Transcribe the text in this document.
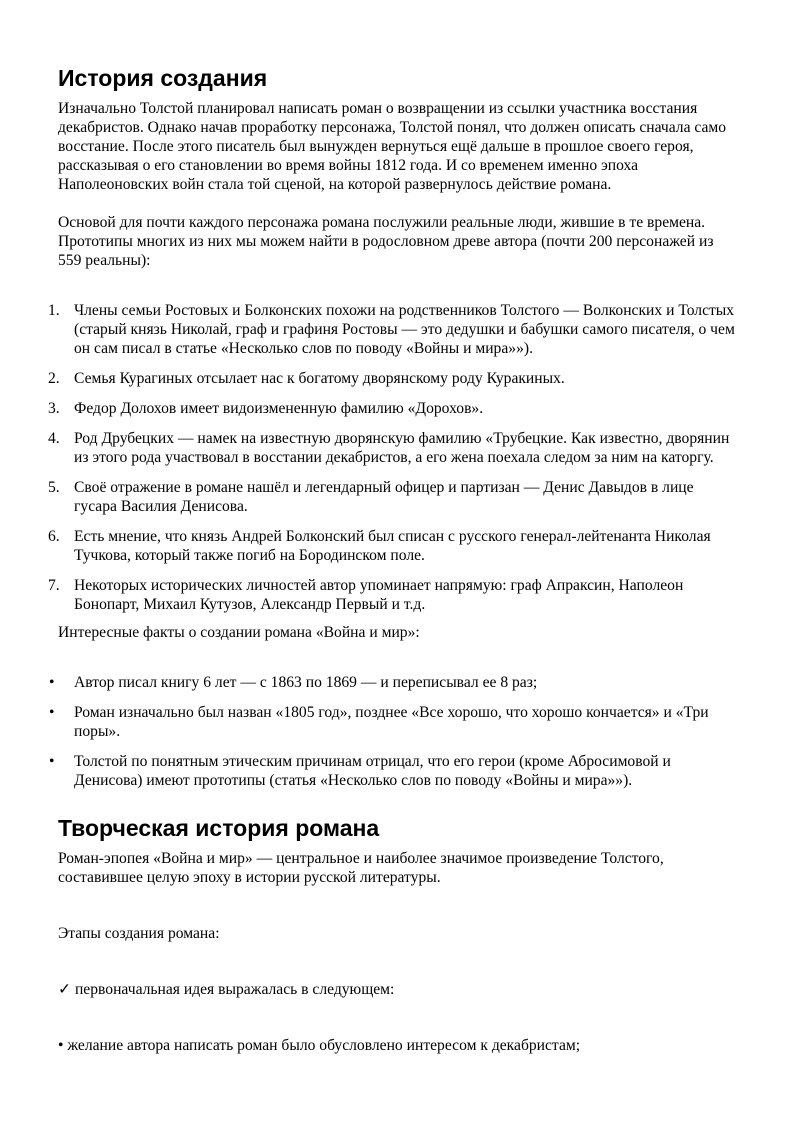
История создания

Изначально Толстой планировал написать роман о возвращении из ссылки участника восстания декабристов. Однако начав проработку персонажа, Толстой понял, что должен описать сначала само восстание. После этого писатель был вынужден вернуться ещё дальше в прошлое своего героя, рассказывая о его становлении во время войны 1812 года. И со временем именно эпоха Наполеоновских войн стала той сценой, на которой развернулось действие романа.

Основой для почти каждого персонажа романа послужили реальные люди, жившие в те времена. Прототипы многих из них мы можем найти в родословном древе автора (почти 200 персонажей из 559 реальны):

1. Члены семьи Ростовых и Болконских похожи на родственников Толстого — Волконских и Толстых (старый князь Николай, граф и графиня Ростовы — это дедушки и бабушки самого писателя, о чем он сам писал в статье «Несколько слов по поводу «Войны и мира»»).
2. Семья Курагиных отсылает нас к богатому дворянскому роду Куракиных.
3. Федор Долохов имеет видоизмененную фамилию «Дорохов».
4. Род Друбецких — намек на известную дворянскую фамилию «Трубецкие. Как известно, дворянин из этого рода участвовал в восстании декабристов, а его жена поехала следом за ним на каторгу.
5. Своё отражение в романе нашёл и легендарный офицер и партизан — Денис Давыдов в лице гусара Василия Денисова.
6. Есть мнение, что князь Андрей Болконский был списан с русского генерал-лейтенанта Николая Тучкова, который также погиб на Бородинском поле.
7. Некоторых исторических личностей автор упоминает напрямую: граф Апраксин, Наполеон Бонопарт, Михаил Кутузов, Александр Первый и т.д.

Интересные факты о создании романа «Война и мир»:

• Автор писал книгу 6 лет — с 1863 по 1869 — и переписывал ее 8 раз;
• Роман изначально был назван «1805 год», позднее «Все хорошо, что хорошо кончается» и «Три поры».
• Толстой по понятным этическим причинам отрицал, что его герои (кроме Абросимовой и Денисова) имеют прототипы (статья «Несколько слов по поводу «Войны и мира»»).
Творческая история романа

Роман-эпопея «Война и мир» — центральное и наиболее значимое произведение Толстого, составившее целую эпоху в истории русской литературы.

Этапы создания романа:

✓ первоначальная идея выражалась в следующем:

• желание автора написать роман было обусловлено интересом к декабристам;
